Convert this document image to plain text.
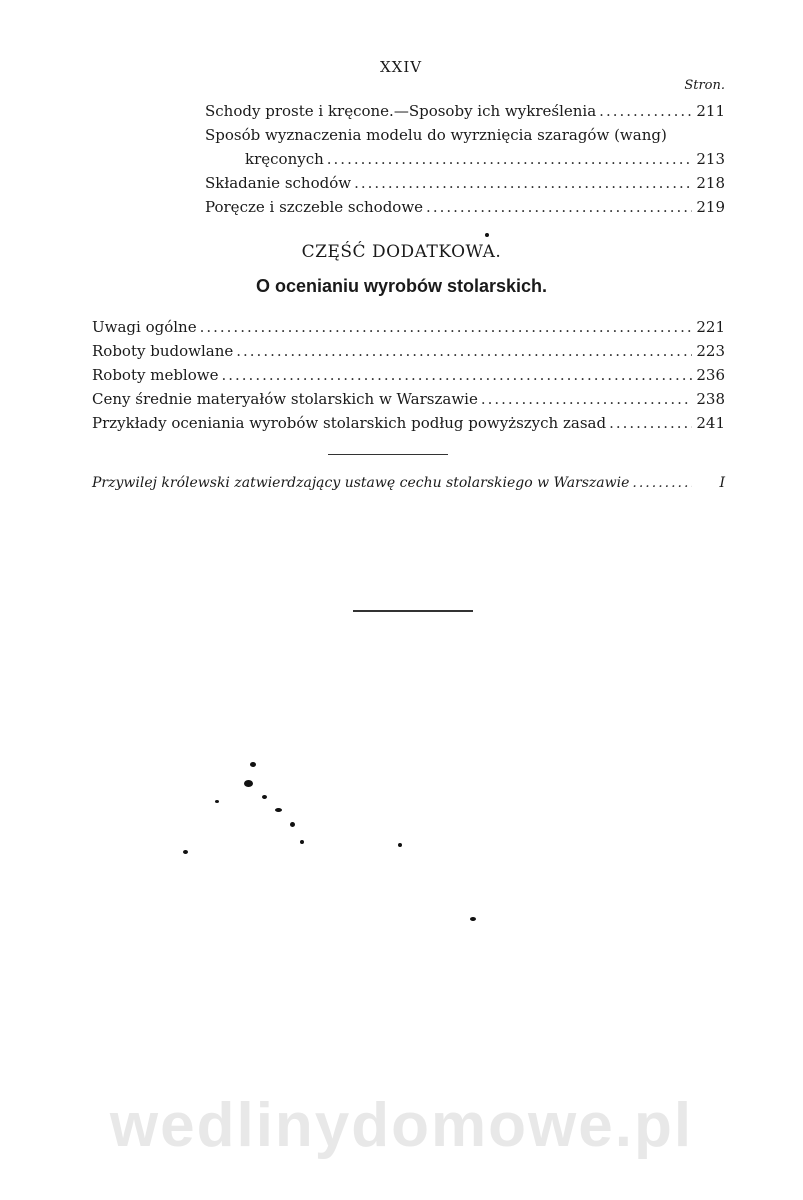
XXIV
Stron.
Schody proste i kręcone.—Sposoby ich wykreślenia .....	211
Sposób wyznaczenia modelu do wyrznięcia szaragów (wang)
kręconych .....	213
Składanie schodów .....	218
Poręcze i szczeble schodowe .....	219
CZĘŚĆ DODATKOWA.
O ocenianiu wyrobów stolarskich.
Uwagi ogólne .....	221
Roboty budowlane .....	223
Roboty meblowe .....	236
Ceny średnie materyałów stolarskich w Warszawie .....	238
Przykłady oceniania wyrobów stolarskich podług powyższych zasad .....	241
Przywilej królewski zatwierdzający ustawę cechu stolarskiego w Warszawie .....	I
wedlinydomowe.pl
